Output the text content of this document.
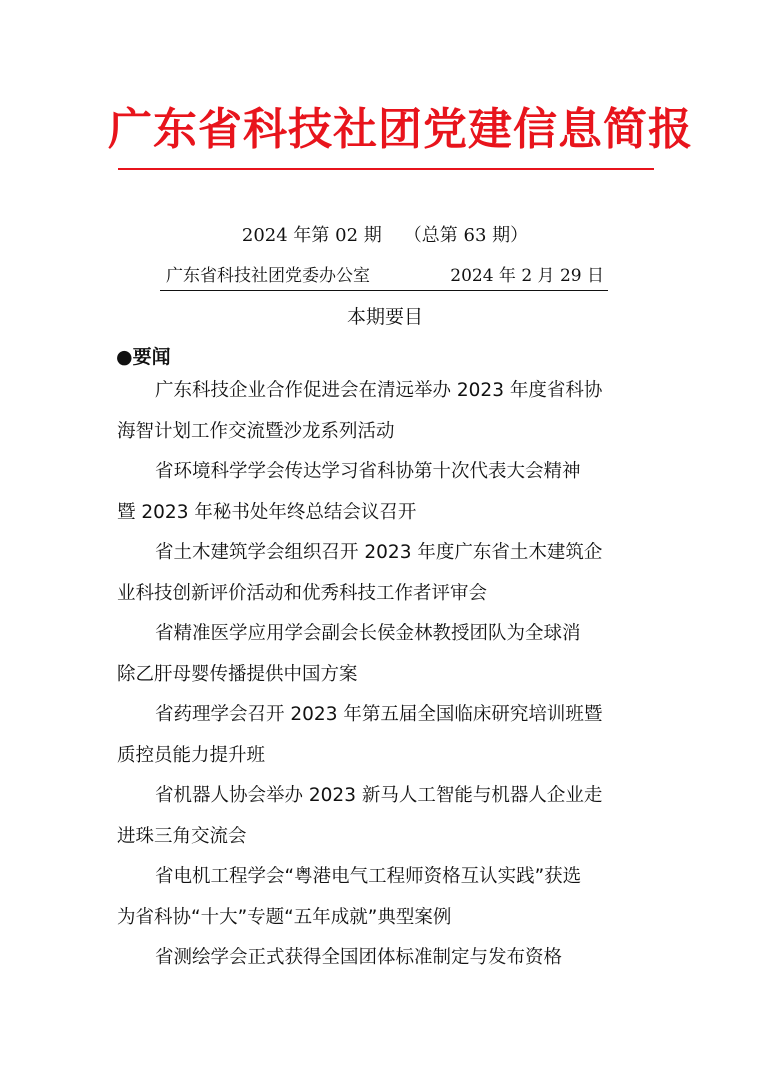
广东省科技社团党建信息简报
2024 年第 02 期 （总第 63 期）
广东省科技社团党委办公室	2024 年 2 月 29 日
本期要目
●要闻
广东科技企业合作促进会在清远举办 2023 年度省科协
海智计划工作交流暨沙龙系列活动
省环境科学学会传达学习省科协第十次代表大会精神
暨 2023 年秘书处年终总结会议召开
省土木建筑学会组织召开 2023 年度广东省土木建筑企
业科技创新评价活动和优秀科技工作者评审会
省精准医学应用学会副会长侯金林教授团队为全球消
除乙肝母婴传播提供中国方案
省药理学会召开 2023 年第五届全国临床研究培训班暨
质控员能力提升班
省机器人协会举办 2023 新马人工智能与机器人企业走
进珠三角交流会
省电机工程学会“粤港电气工程师资格互认实践”获选
为省科协“十大”专题“五年成就”典型案例
省测绘学会正式获得全国团体标准制定与发布资格
